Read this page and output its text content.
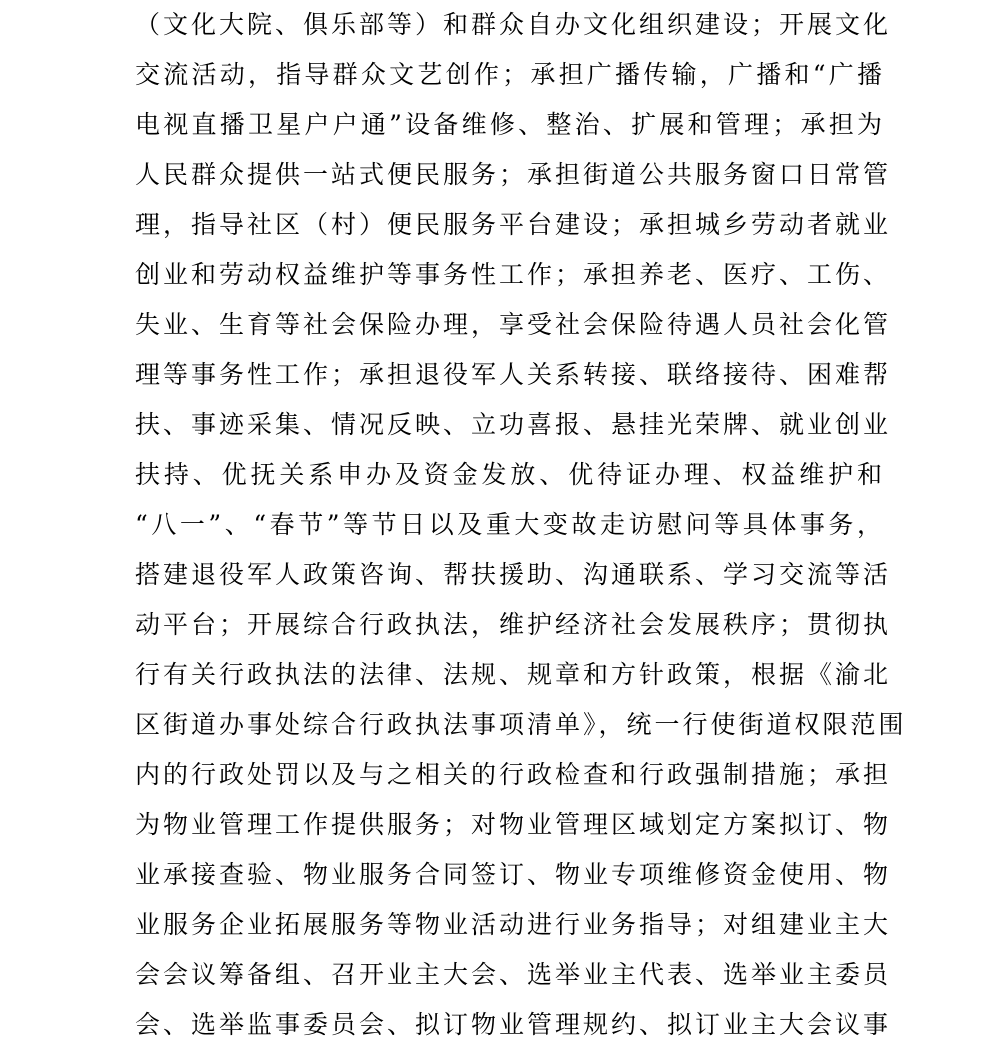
（文化大院、俱乐部等）和群众自办文化组织建设；开展文化
交流活动，指导群众文艺创作；承担广播传输，广播和“广播
电视直播卫星户户通”设备维修、整治、扩展和管理；承担为
人民群众提供一站式便民服务；承担街道公共服务窗口日常管
理，指导社区（村）便民服务平台建设；承担城乡劳动者就业
创业和劳动权益维护等事务性工作；承担养老、医疗、工伤、
失业、生育等社会保险办理，享受社会保险待遇人员社会化管
理等事务性工作；承担退役军人关系转接、联络接待、困难帮
扶、事迹采集、情况反映、立功喜报、悬挂光荣牌、就业创业
扶持、优抚关系申办及资金发放、优待证办理、权益维护和
“八一”、“春节”等节日以及重大变故走访慰问等具体事务，
搭建退役军人政策咨询、帮扶援助、沟通联系、学习交流等活
动平台；开展综合行政执法，维护经济社会发展秩序；贯彻执
行有关行政执法的法律、法规、规章和方针政策，根据《渝北
区街道办事处综合行政执法事项清单》，统一行使街道权限范围
内的行政处罚以及与之相关的行政检查和行政强制措施；承担
为物业管理工作提供服务；对物业管理区域划定方案拟订、物
业承接查验、物业服务合同签订、物业专项维修资金使用、物
业服务企业拓展服务等物业活动进行业务指导；对组建业主大
会会议筹备组、召开业主大会、选举业主代表、选举业主委员
会、选举监事委员会、拟订物业管理规约、拟订业主大会议事
